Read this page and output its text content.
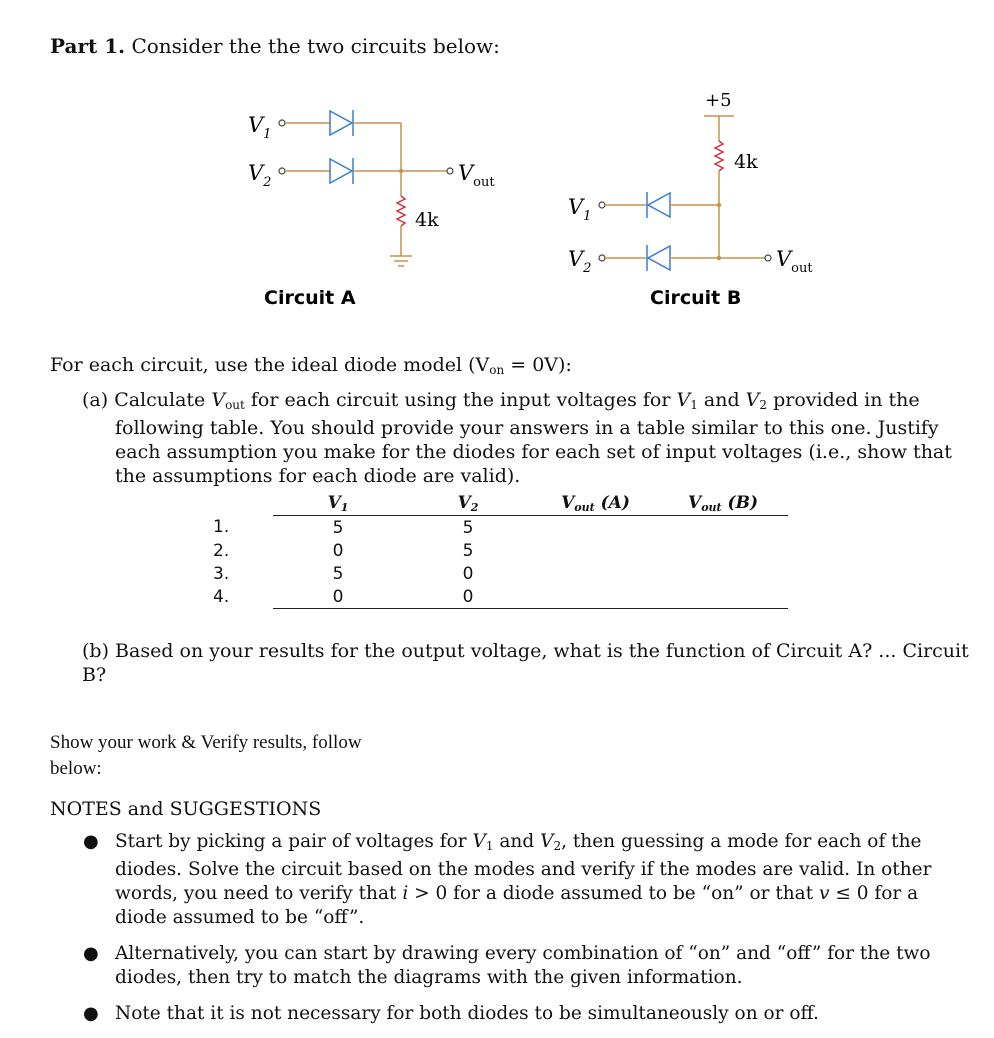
Part 1. Consider the the two circuits below:
$V_1$
$V_2$	$V_{out}$
4k
Circuit A
+5
4k
$V_1$
$V_2$	$V_{out}$
Circuit B
For each circuit, use the ideal diode model $(V_{on} = 0V)$:
(a) Calculate $V_{out}$ for each circuit using the input voltages for $V_1$ and $V_2$ provided in the
following table. You should provide your answers in a table similar to this one. Justify
each assumption you make for the diodes for each set of input voltages (i.e., show that
the assumptions for each diode are valid).
	$V_1$	$V_2$	$V_{out}$ (A)	$V_{out}$ (B)
1.	5	5		
2.	0	5		
3.	5	0		
4.	0	0		
(b) Based on your results for the output voltage, what is the function of Circuit A? ... Circuit B?
Show your work & Verify results, follow
below:
NOTES and SUGGESTIONS
● Start by picking a pair of voltages for $V_1$ and $V_2$, then guessing a mode for each of the diodes. Solve the circuit based on the modes and verify if the modes are valid. In other words, you need to verify that i > 0 for a diode assumed to be “on” or that v ≤ 0 for a diode assumed to be “off”.
● Alternatively, you can start by drawing every combination of “on” and “off” for the two diodes, then try to match the diagrams with the given information.
● Note that it is not necessary for both diodes to be simultaneously on or off.
